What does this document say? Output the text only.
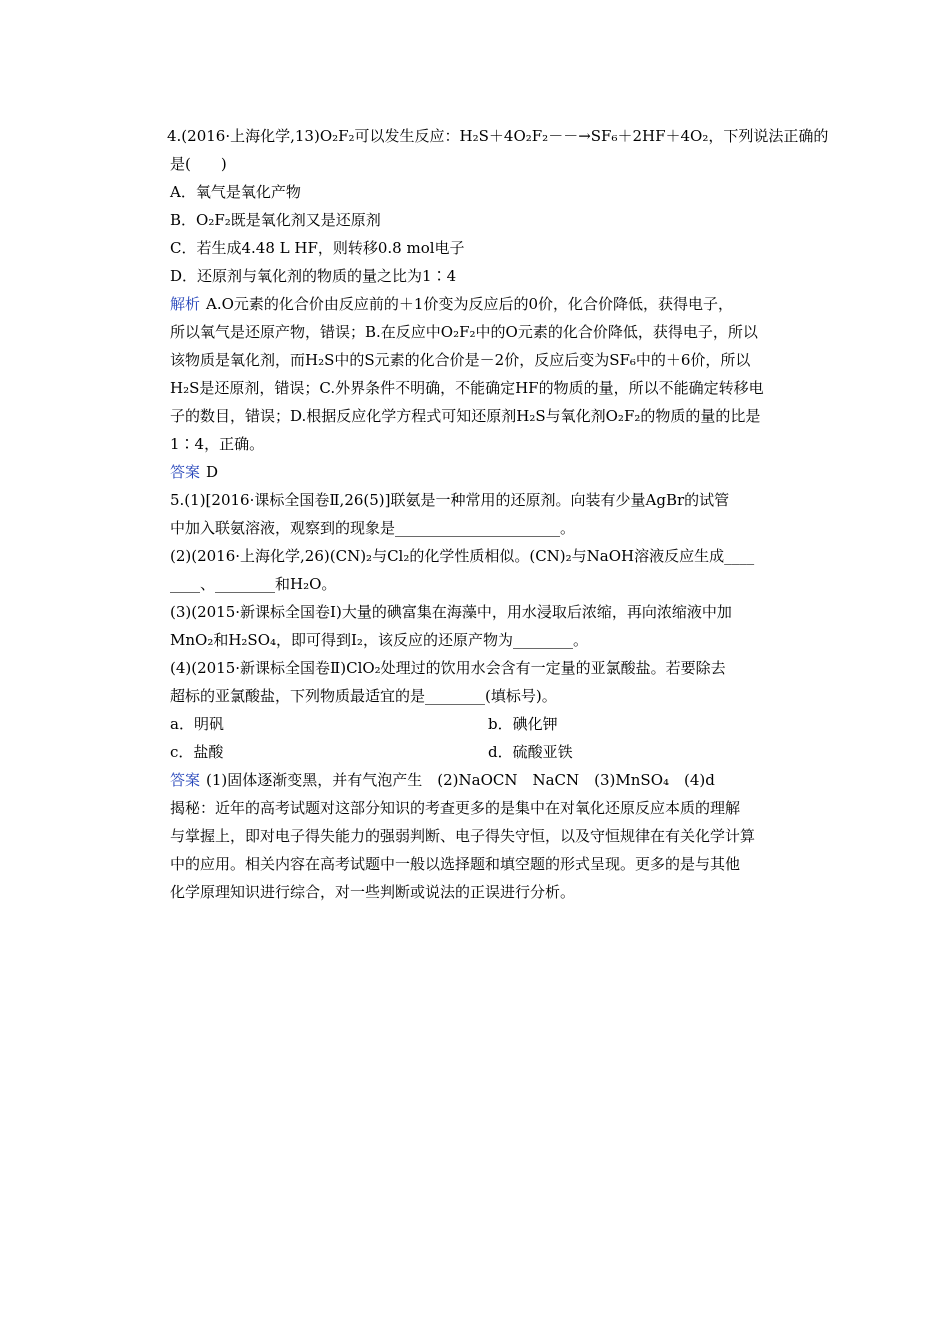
4.(2016·上海化学,13)O₂F₂可以发生反应：H₂S＋4O₂F₂－－→SF₆＋2HF＋4O₂，下列说法正确的
是(　　)
A．氧气是氧化产物
B．O₂F₂既是氧化剂又是还原剂
C．若生成4.48 L HF，则转移0.8 mol电子
D．还原剂与氧化剂的物质的量之比为1∶4
解析 A.O元素的化合价由反应前的＋1价变为反应后的0价，化合价降低，获得电子，
所以氧气是还原产物，错误；B.在反应中O₂F₂中的O元素的化合价降低，获得电子，所以
该物质是氧化剂，而H₂S中的S元素的化合价是－2价，反应后变为SF₆中的＋6价，所以
H₂S是还原剂，错误；C.外界条件不明确，不能确定HF的物质的量，所以不能确定转移电
子的数目，错误；D.根据反应化学方程式可知还原剂H₂S与氧化剂O₂F₂的物质的量的比是
1∶4，正确。
答案 D
5.(1)[2016·课标全国卷Ⅱ,26(5)]联氨是一种常用的还原剂。向装有少量AgBr的试管
中加入联氨溶液，观察到的现象是______________________。
(2)(2016·上海化学,26)(CN)₂与Cl₂的化学性质相似。(CN)₂与NaOH溶液反应生成____
____、________和H₂O。
(3)(2015·新课标全国卷Ⅰ)大量的碘富集在海藻中，用水浸取后浓缩，再向浓缩液中加
MnO₂和H₂SO₄，即可得到I₂，该反应的还原产物为________。
(4)(2015·新课标全国卷Ⅱ)ClO₂处理过的饮用水会含有一定量的亚氯酸盐。若要除去
超标的亚氯酸盐，下列物质最适宜的是________(填标号)。
a．明矾	b．碘化钾
c．盐酸	d．硫酸亚铁
答案 (1)固体逐渐变黑，并有气泡产生　(2)NaOCN　NaCN　(3)MnSO₄　(4)d
揭秘：近年的高考试题对这部分知识的考查更多的是集中在对氧化还原反应本质的理解
与掌握上，即对电子得失能力的强弱判断、电子得失守恒，以及守恒规律在有关化学计算
中的应用。相关内容在高考试题中一般以选择题和填空题的形式呈现。更多的是与其他
化学原理知识进行综合，对一些判断或说法的正误进行分析。
